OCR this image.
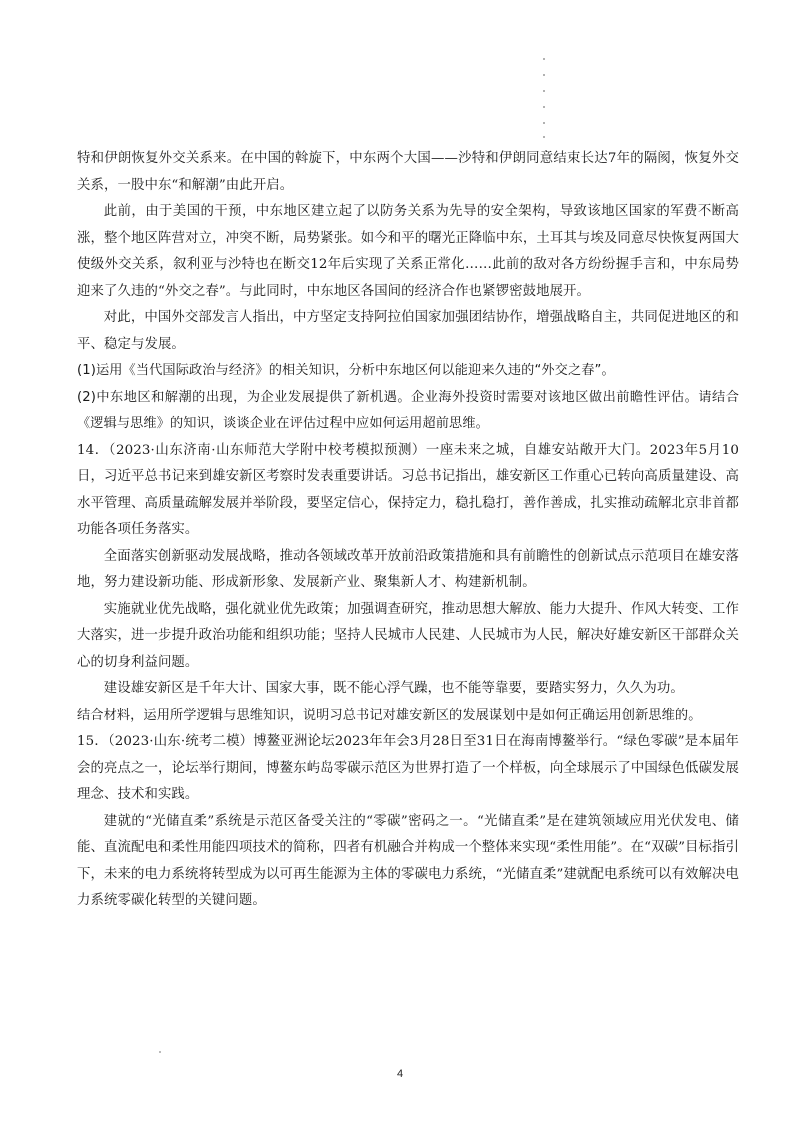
特和伊朗恢复外交关系来。在中国的斡旋下，中东两个大国——沙特和伊朗同意结束长达7年的隔阂，恢复外交关系，一股中东“和解潮”由此开启。

此前，由于美国的干预，中东地区建立起了以防务关系为先导的安全架构，导致该地区国家的军费不断高涨，整个地区阵营对立，冲突不断，局势紧张。如今和平的曙光正降临中东，土耳其与埃及同意尽快恢复两国大使级外交关系，叙利亚与沙特也在断交12年后实现了关系正常化……此前的敌对各方纷纷握手言和，中东局势迎来了久违的“外交之春”。与此同时，中东地区各国间的经济合作也紧锣密鼓地展开。

对此，中国外交部发言人指出，中方坚定支持阿拉伯国家加强团结协作，增强战略自主，共同促进地区的和平、稳定与发展。

(1)运用《当代国际政治与经济》的相关知识，分析中东地区何以能迎来久违的“外交之春”。

(2)中东地区和解潮的出现，为企业发展提供了新机遇。企业海外投资时需要对该地区做出前瞻性评估。请结合《逻辑与思维》的知识，谈谈企业在评估过程中应如何运用超前思维。

14．（2023·山东济南·山东师范大学附中校考模拟预测）一座未来之城，自雄安站敞开大门。2023年5月10日，习近平总书记来到雄安新区考察时发表重要讲话。习总书记指出，雄安新区工作重心已转向高质量建设、高水平管理、高质量疏解发展并举阶段，要坚定信心，保持定力，稳扎稳打，善作善成，扎实推动疏解北京非首都功能各项任务落实。

全面落实创新驱动发展战略，推动各领域改革开放前沿政策措施和具有前瞻性的创新试点示范项目在雄安落地，努力建设新功能、形成新形象、发展新产业、聚集新人才、构建新机制。

实施就业优先战略，强化就业优先政策；加强调查研究，推动思想大解放、能力大提升、作风大转变、工作大落实，进一步提升政治功能和组织功能；坚持人民城市人民建、人民城市为人民，解决好雄安新区干部群众关心的切身利益问题。

建设雄安新区是千年大计、国家大事，既不能心浮气躁，也不能等靠要，要踏实努力，久久为功。

结合材料，运用所学逻辑与思维知识，说明习总书记对雄安新区的发展谋划中是如何正确运用创新思维的。

15．（2023·山东·统考二模）博鳌亚洲论坛2023年年会3月28日至31日在海南博鳌举行。“绿色零碳”是本届年会的亮点之一，论坛举行期间，博鳌东屿岛零碳示范区为世界打造了一个样板，向全球展示了中国绿色低碳发展理念、技术和实践。

建就的“光储直柔”系统是示范区备受关注的“零碳”密码之一。“光储直柔”是在建筑领域应用光伏发电、储能、直流配电和柔性用能四项技术的简称，四者有机融合并构成一个整体来实现“柔性用能”。在“双碳”目标指引下，未来的电力系统将转型成为以可再生能源为主体的零碳电力系统，“光储直柔”建就配电系统可以有效解决电力系统零碳化转型的关键问题。

4
